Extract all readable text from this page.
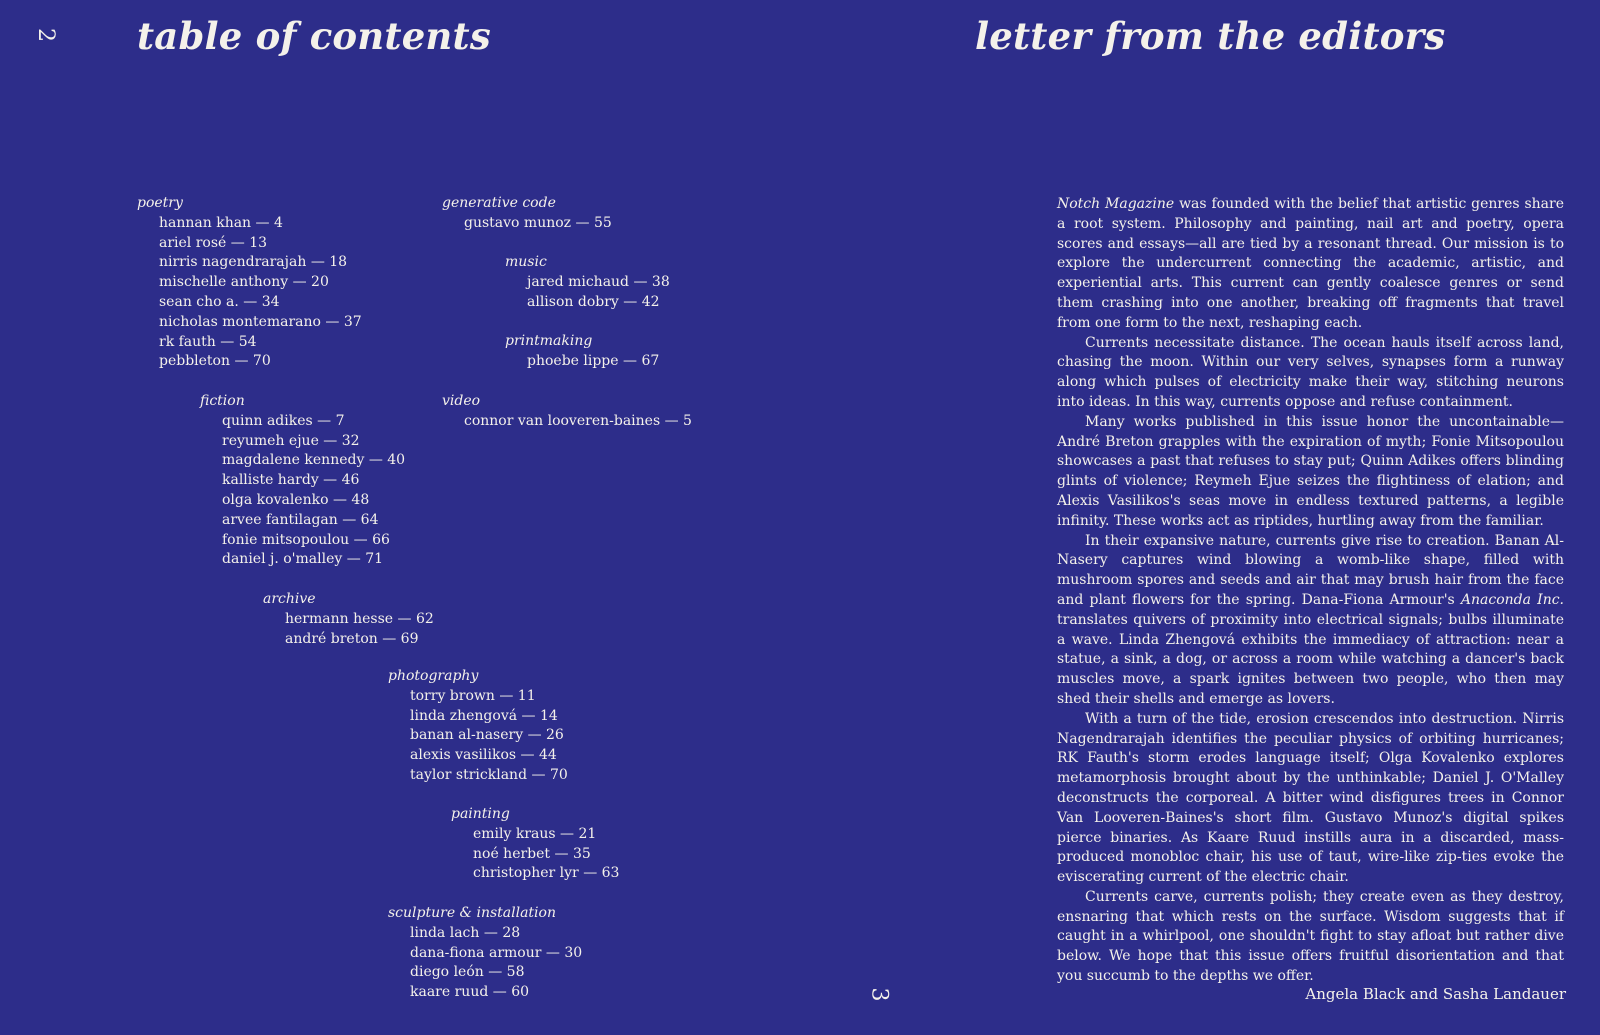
2 table of contents
3
letter from the editors

Notch Magazine was founded with the belief that artistic genres share a root system. Philosophy and painting, nail art and poetry, opera scores and essays—all are tied by a resonant thread. Our mission is to explore the undercurrent connecting the academic, artistic, and experiential arts. This current can gently coalesce genres or send them crashing into one another, breaking off fragments that travel from one form to the next, reshaping each.

Currents necessitate distance. The ocean hauls itself across land, chasing the moon. Within our very selves, synapses form a runway along which pulses of electricity make their way, stitching neurons into ideas. In this way, currents oppose and refuse containment.

Many works published in this issue honor the uncontainable—André Breton grapples with the expiration of myth; Fonie Mitsopoulou showcases a past that refuses to stay put; Quinn Adikes offers blinding glints of violence; Reymeh Ejue seizes the flightiness of elation; and Alexis Vasilikos's seas move in endless textured patterns, a legible infinity. These works act as riptides, hurtling away from the familiar.

In their expansive nature, currents give rise to creation. Banan Al-Nasery captures wind blowing a womb-like shape, filled with mushroom spores and seeds and air that may brush hair from the face and plant flowers for the spring. Dana-Fiona Armour's Anaconda Inc. translates quivers of proximity into electrical signals; bulbs illuminate a wave. Linda Zhengová exhibits the immediacy of attraction: near a statue, a sink, a dog, or across a room while watching a dancer's back muscles move, a spark ignites between two people, who then may shed their shells and emerge as lovers.

With a turn of the tide, erosion crescendos into destruction. Nirris Nagendrarajah identifies the peculiar physics of orbiting hurricanes; RK Fauth's storm erodes language itself; Olga Kovalenko explores metamorphosis brought about by the unthinkable; Daniel J. O'Malley deconstructs the corporeal. A bitter wind disfigures trees in Connor Van Looveren-Baines's short film. Gustavo Munoz's digital spikes pierce binaries. As Kaare Ruud instills aura in a discarded, mass-produced monobloc chair, his use of taut, wire-like zip-ties evoke the eviscerating current of the electric chair.

Currents carve, currents polish; they create even as they destroy, ensnaring that which rests on the surface. Wisdom suggests that if caught in a whirlpool, one shouldn't fight to stay afloat but rather dive below. We hope that this issue offers fruitful disorientation and that you succumb to the depths we offer.

Angela Black and Sasha Landauer
poetry
hannan khan — 4
ariel rosé — 13
nirris nagendrarajah — 18
mischelle anthony — 20
sean cho a. — 34
nicholas montemarano — 37
rk fauth — 54
pebbleton — 70
fiction
quinn adikes — 7
reyumeh ejue — 32
magdalene kennedy — 40
kalliste hardy — 46
olga kovalenko — 48
arvee fantilagan — 64
fonie mitsopoulou — 66
daniel j. o'malley — 71
archive
hermann hesse — 62
andré breton — 69
generative code
gustavo munoz — 55
music
jared michaud — 38
allison dobry — 42
printmaking
phoebe lippe — 67
video
connor van looveren-baines — 5
photography
torry brown — 11
linda zhengová — 14
banan al-nasery — 26
alexis vasilikos — 44
taylor strickland — 70
painting
emily kraus — 21
noé herbet — 35
christopher lyr — 63
sculpture & installation
linda lach — 28
dana-fiona armour — 30
diego león — 58
kaare ruud — 60
